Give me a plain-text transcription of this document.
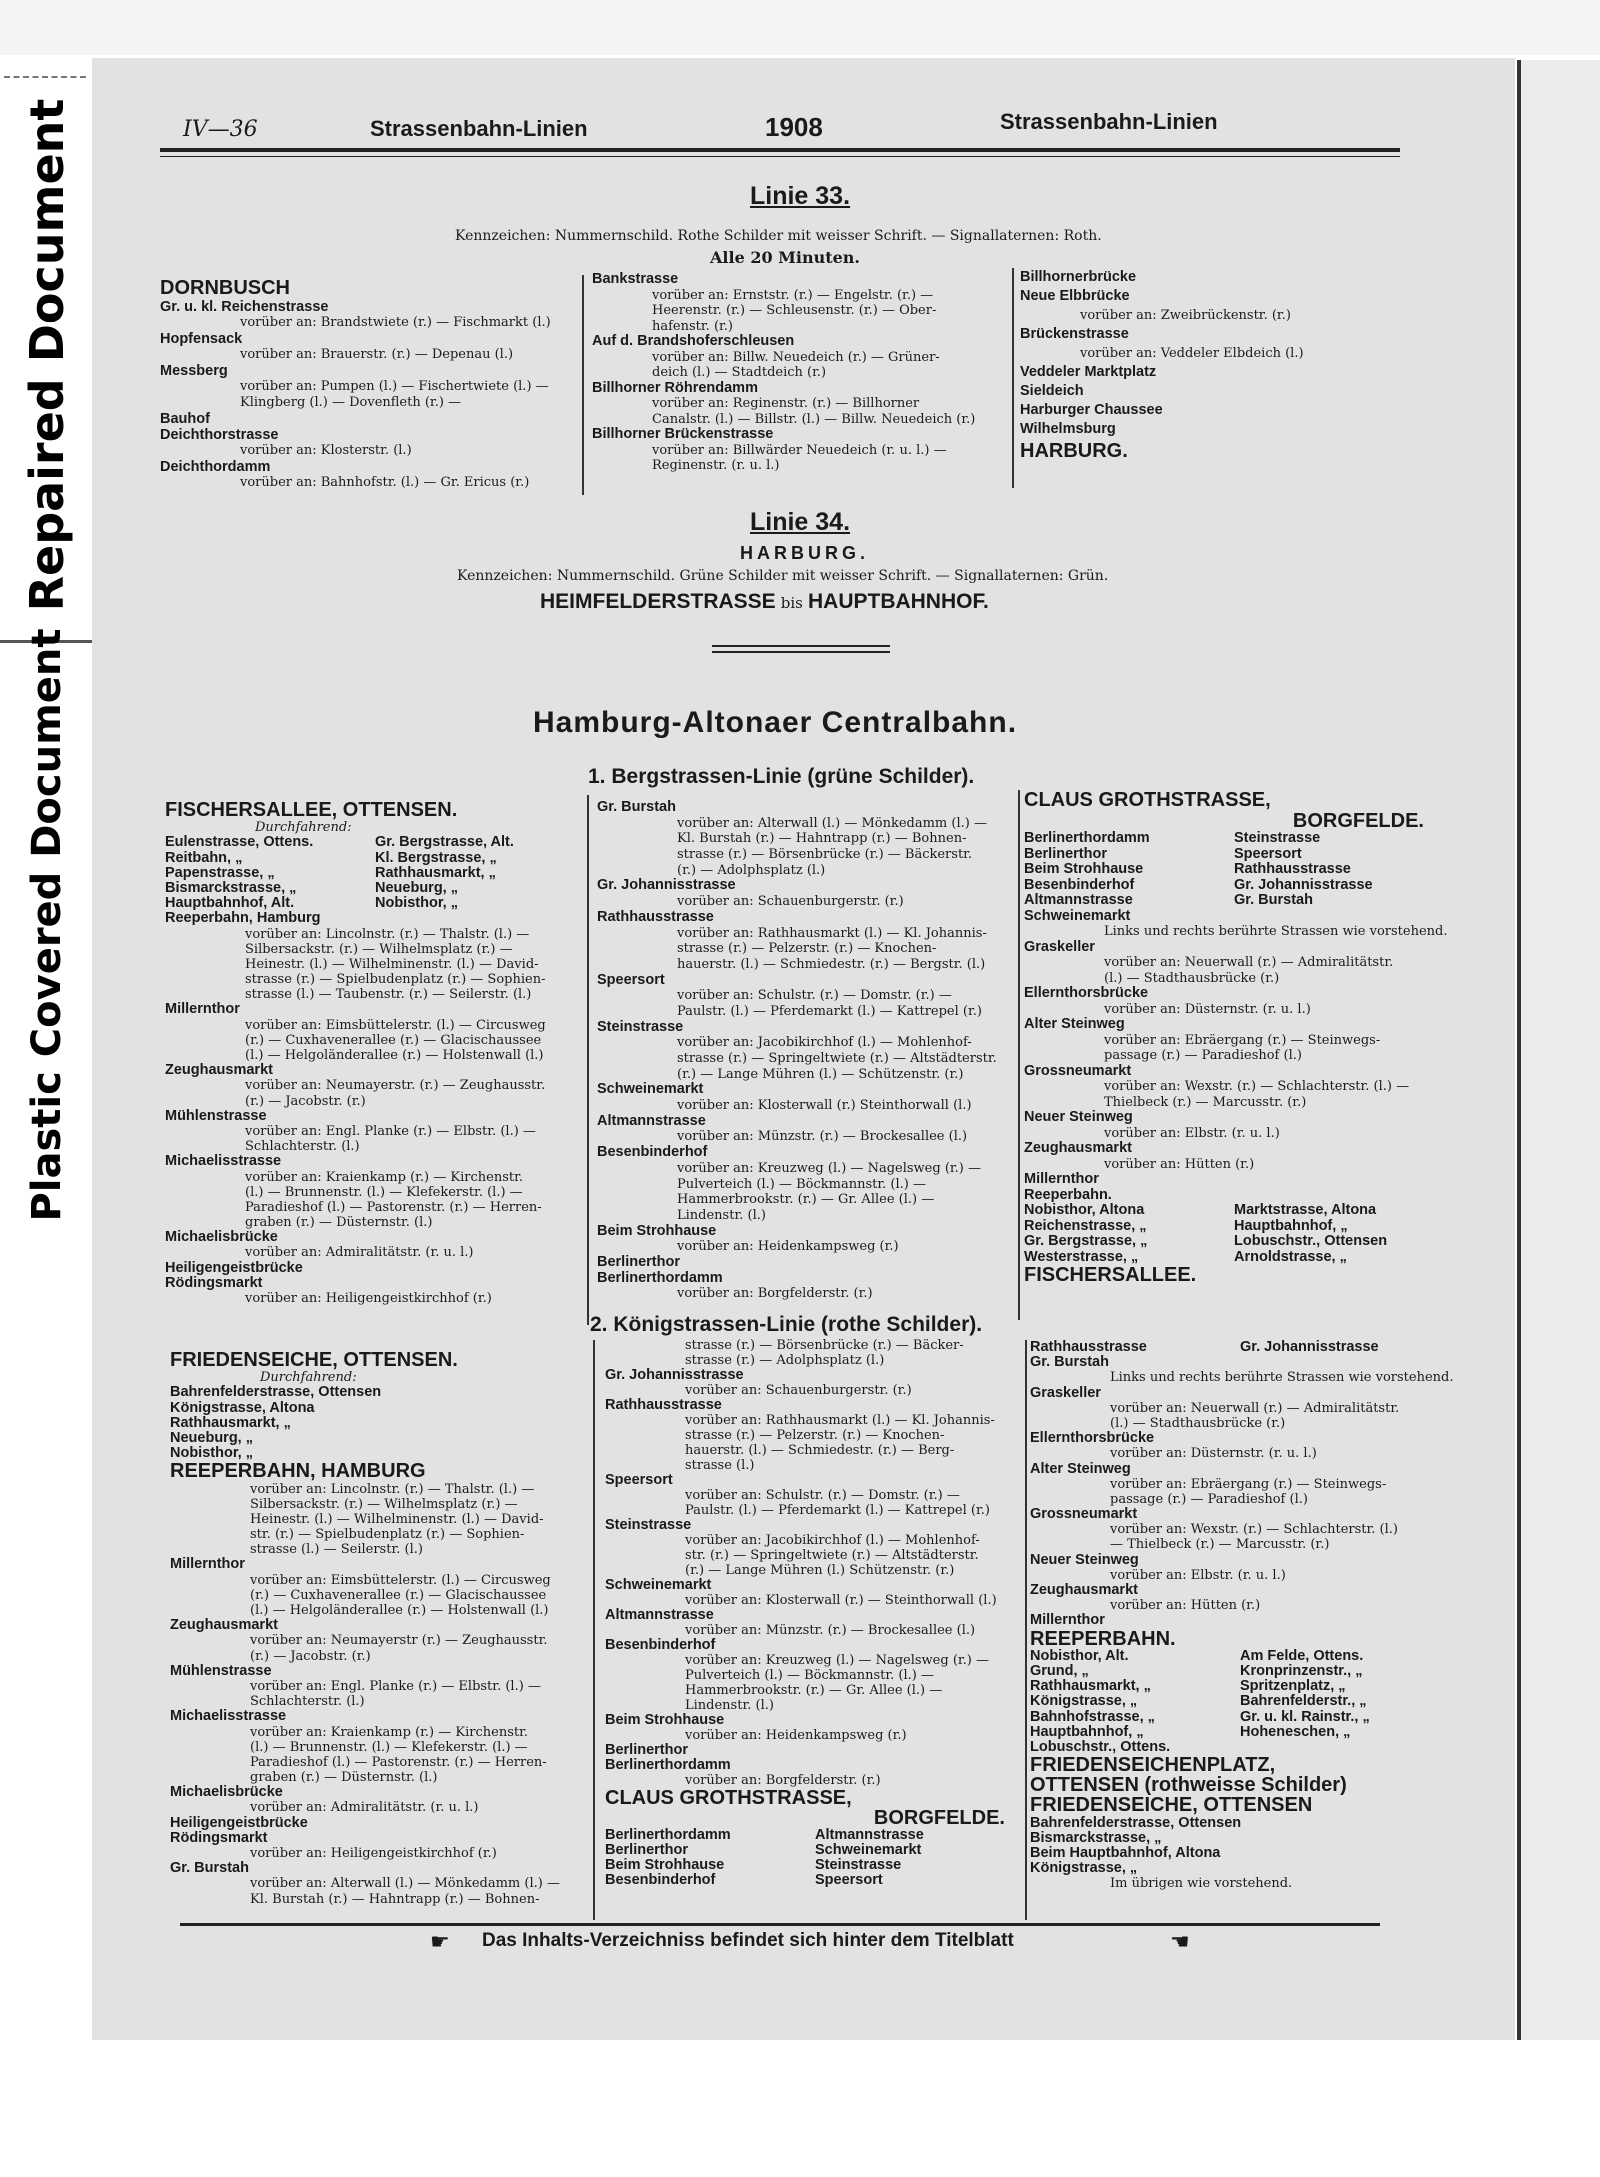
Repaired Document
Plastic Covered Document
IV—36	Strassenbahn-Linien	1908	Strassenbahn-Linien
Linie 33.
Kennzeichen: Nummernschild. Rothe Schilder mit weisser Schrift. — Signallaternen: Roth.
Alle 20 Minuten.
DORNBUSCH
Gr. u. kl. Reichenstrasse
vorüber an: Brandstwiete (r.) — Fischmarkt (l.)
Hopfensack
vorüber an: Brauerstr. (r.) — Depenau (l.)
Messberg
vorüber an: Pumpen (l.) — Fischertwiete (l.) —
Klingberg (l.) — Dovenfleth (r.) —
Bauhof
Deichthorstrasse
vorüber an: Klosterstr. (l.)
Deichthordamm
vorüber an: Bahnhofstr. (l.) — Gr. Ericus (r.)
Bankstrasse
vorüber an: Ernststr. (r.) — Engelstr. (r.) —
Heerenstr. (r.) — Schleusenstr. (r.) — Ober-
hafenstr. (r.)
Auf d. Brandshoferschleusen
vorüber an: Billw. Neuedeich (r.) — Grüner-
deich (l.) — Stadtdeich (r.)
Billhorner Röhrendamm
vorüber an: Reginenstr. (r.) — Billhorner
Canalstr. (l.) — Billstr. (l.) — Billw. Neuedeich (r.)
Billhorner Brückenstrasse
vorüber an: Billwärder Neuedeich (r. u. l.) —
Reginenstr. (r. u. l.)
Billhornerbrücke
Neue Elbbrücke
vorüber an: Zweibrückenstr. (r.)
Brückenstrasse
vorüber an: Veddeler Elbdeich (l.)
Veddeler Marktplatz
Sieldeich
Harburger Chaussee
Wilhelmsburg
HARBURG.
Linie 34.
HARBURG.
Kennzeichen: Nummernschild. Grüne Schilder mit weisser Schrift. — Signallaternen: Grün.
HEIMFELDERSTRASSE bis HAUPTBAHNHOF.
Hamburg-Altonaer Centralbahn.
1. Bergstrassen-Linie (grüne Schilder).
FISCHERSALLEE, OTTENSEN.
Durchfahrend:
Eulenstrasse, Ottens.	Gr. Bergstrasse, Alt.
Reitbahn, „	Kl. Bergstrasse, „
Papenstrasse, „	Rathhausmarkt, „
Bismarckstrasse, „	Neueburg, „
Hauptbahnhof, Alt.	Nobisthor, „
Reeperbahn, Hamburg
vorüber an: Lincolnstr. (r.) — Thalstr. (l.) —
Silbersackstr. (r.) — Wilhelmsplatz (r.) —
Heinestr. (l.) — Wilhelminenstr. (l.) — David-
strasse (r.) — Spielbudenplatz (r.) — Sophien-
strasse (l.) — Taubenstr. (r.) — Seilerstr. (l.)
Millernthor
vorüber an: Eimsbüttelerstr. (l.) — Circusweg
(r.) — Cuxhavenerallee (r.) — Glacischaussee
(l.) — Helgoländerallee (r.) — Holstenwall (l.)
Zeughausmarkt
vorüber an: Neumayerstr. (r.) — Zeughausstr.
(r.) — Jacobstr. (r.)
Mühlenstrasse
vorüber an: Engl. Planke (r.) — Elbstr. (l.) —
Schlachterstr. (l.)
Michaelisstrasse
vorüber an: Kraienkamp (r.) — Kirchenstr.
(l.) — Brunnenstr. (l.) — Klefekerstr. (l.) —
Paradieshof (l.) — Pastorenstr. (r.) — Herren-
graben (r.) — Düsternstr. (l.)
Michaelisbrücke
vorüber an: Admiralitätstr. (r. u. l.)
Heiligengeistbrücke
Rödingsmarkt
vorüber an: Heiligengeistkirchhof (r.)
Gr. Burstah
vorüber an: Alterwall (l.) — Mönkedamm (l.) —
Kl. Burstah (r.) — Hahntrapp (r.) — Bohnen-
strasse (r.) — Börsenbrücke (r.) — Bäckerstr.
(r.) — Adolphsplatz (l.)
Gr. Johannisstrasse
vorüber an: Schauenburgerstr. (r.)
Rathhausstrasse
vorüber an: Rathhausmarkt (l.) — Kl. Johannis-
strasse (r.) — Pelzerstr. (r.) — Knochen-
hauerstr. (l.) — Schmiedestr. (r.) — Bergstr. (l.)
Speersort
vorüber an: Schulstr. (r.) — Domstr. (r.) —
Paulstr. (l.) — Pferdemarkt (l.) — Kattrepel (r.)
Steinstrasse
vorüber an: Jacobikirchhof (l.) — Mohlenhof-
strasse (r.) — Springeltwiete (r.) — Altstädterstr.
(r.) — Lange Mühren (l.) — Schützenstr. (r.)
Schweinemarkt
vorüber an: Klosterwall (r.) Steinthorwall (l.)
Altmannstrasse
vorüber an: Münzstr. (r.) — Brockesallee (l.)
Besenbinderhof
vorüber an: Kreuzweg (l.) — Nagelsweg (r.) —
Pulverteich (l.) — Böckmannstr. (l.) —
Hammerbrookstr. (r.) — Gr. Allee (l.) —
Lindenstr. (l.)
Beim Strohhause
vorüber an: Heidenkampsweg (r.)
Berlinerthor
Berlinerthordamm
vorüber an: Borgfelderstr. (r.)
CLAUS GROTHSTRASSE,
BORGFELDE.
Berlinerthordamm	Steinstrasse
Berlinerthor	Speersort
Beim Strohhause	Rathhausstrasse
Besenbinderhof	Gr. Johannisstrasse
Altmannstrasse	Gr. Burstah
Schweinemarkt
Links und rechts berührte Strassen wie vorstehend.
Graskeller
vorüber an: Neuerwall (r.) — Admiralitätstr.
(l.) — Stadthausbrücke (r.)
Ellernthorsbrücke
vorüber an: Düsternstr. (r. u. l.)
Alter Steinweg
vorüber an: Ebräergang (r.) — Steinwegs-
passage (r.) — Paradieshof (l.)
Grossneumarkt
vorüber an: Wexstr. (r.) — Schlachterstr. (l.) —
Thielbeck (r.) — Marcusstr. (r.)
Neuer Steinweg
vorüber an: Elbstr. (r. u. l.)
Zeughausmarkt
vorüber an: Hütten (r.)
Millernthor
Reeperbahn.
Nobisthor, Altona	Marktstrasse, Altona
Reichenstrasse, „	Hauptbahnhof, „
Gr. Bergstrasse, „	Lobuschstr., Ottensen
Westerstrasse, „	Arnoldstrasse, „
FISCHERSALLEE.
2. Königstrassen-Linie (rothe Schilder).
FRIEDENSEICHE, OTTENSEN.
Durchfahrend:
Bahrenfelderstrasse, Ottensen
Königstrasse, Altona
Rathhausmarkt, „
Neueburg, „
Nobisthor, „
REEPERBAHN, HAMBURG
vorüber an: Lincolnstr. (r.) — Thalstr. (l.) —
Silbersackstr. (r.) — Wilhelmsplatz (r.) —
Heinestr. (l.) — Wilhelminenstr. (l.) — David-
str. (r.) — Spielbudenplatz (r.) — Sophien-
strasse (l.) — Seilerstr. (l.)
Millernthor
vorüber an: Eimsbüttelerstr. (l.) — Circusweg
(r.) — Cuxhavenerallee (r.) — Glacischaussee
(l.) — Helgoländerallee (r.) — Holstenwall (l.)
Zeughausmarkt
vorüber an: Neumayerstr (r.) — Zeughausstr.
(r.) — Jacobstr. (r.)
Mühlenstrasse
vorüber an: Engl. Planke (r.) — Elbstr. (l.) —
Schlachterstr. (l.)
Michaelisstrasse
vorüber an: Kraienkamp (r.) — Kirchenstr.
(l.) — Brunnenstr. (l.) — Klefekerstr. (l.) —
Paradieshof (l.) — Pastorenstr. (r.) — Herren-
graben (r.) — Düsternstr. (l.)
Michaelisbrücke
vorüber an: Admiralitätstr. (r. u. l.)
Heiligengeistbrücke
Rödingsmarkt
vorüber an: Heiligengeistkirchhof (r.)
Gr. Burstah
vorüber an: Alterwall (l.) — Mönkedamm (l.) —
Kl. Burstah (r.) — Hahntrapp (r.) — Bohnen-
strasse (r.) — Börsenbrücke (r.) — Bäcker-
strasse (r.) — Adolphsplatz (l.)
Gr. Johannisstrasse
vorüber an: Schauenburgerstr. (r.)
Rathhausstrasse
vorüber an: Rathhausmarkt (l.) — Kl. Johannis-
strasse (r.) — Pelzerstr. (r.) — Knochen-
hauerstr. (l.) — Schmiedestr. (r.) — Berg-
strasse (l.)
Speersort
vorüber an: Schulstr. (r.) — Domstr. (r.) —
Paulstr. (l.) — Pferdemarkt (l.) — Kattrepel (r.)
Steinstrasse
vorüber an: Jacobikirchhof (l.) — Mohlenhof-
str. (r.) — Springeltwiete (r.) — Altstädterstr.
(r.) — Lange Mühren (l.) Schützenstr. (r.)
Schweinemarkt
vorüber an: Klosterwall (r.) — Steinthorwall (l.)
Altmannstrasse
vorüber an: Münzstr. (r.) — Brockesallee (l.)
Besenbinderhof
vorüber an: Kreuzweg (l.) — Nagelsweg (r.) —
Pulverteich (l.) — Böckmannstr. (l.) —
Hammerbrookstr. (r.) — Gr. Allee (l.) —
Lindenstr. (l.)
Beim Strohhause
vorüber an: Heidenkampsweg (r.)
Berlinerthor
Berlinerthordamm
vorüber an: Borgfelderstr. (r.)
CLAUS GROTHSTRASSE,
BORGFELDE.
Berlinerthordamm	Altmannstrasse
Berlinerthor	Schweinemarkt
Beim Strohhause	Steinstrasse
Besenbinderhof	Speersort
Rathhausstrasse	Gr. Johannisstrasse
Gr. Burstah
Links und rechts berührte Strassen wie vorstehend.
Graskeller
vorüber an: Neuerwall (r.) — Admiralitätstr.
(l.) — Stadthausbrücke (r.)
Ellernthorsbrücke
vorüber an: Düsternstr. (r. u. l.)
Alter Steinweg
vorüber an: Ebräergang (r.) — Steinwegs-
passage (r.) — Paradieshof (l.)
Grossneumarkt
vorüber an: Wexstr. (r.) — Schlachterstr. (l.)
— Thielbeck (r.) — Marcusstr. (r.)
Neuer Steinweg
vorüber an: Elbstr. (r. u. l.)
Zeughausmarkt
vorüber an: Hütten (r.)
Millernthor
REEPERBAHN.
Nobisthor, Alt.	Am Felde, Ottens.
Grund, „	Kronprinzenstr., „
Rathhausmarkt, „	Spritzenplatz, „
Königstrasse, „	Bahrenfelderstr., „
Bahnhofstrasse, „	Gr. u. kl. Rainstr., „
Hauptbahnhof, „	Hoheneschen, „
Lobuschstr., Ottens.
FRIEDENSEICHENPLATZ,
OTTENSEN (rothweisse Schilder)
FRIEDENSEICHE, OTTENSEN
Bahrenfelderstrasse, Ottensen
Bismarckstrasse, „
Beim Hauptbahnhof, Altona
Königstrasse, „
Im übrigen wie vorstehend.
☛ Das Inhalts-Verzeichniss befindet sich hinter dem Titelblatt	☚
